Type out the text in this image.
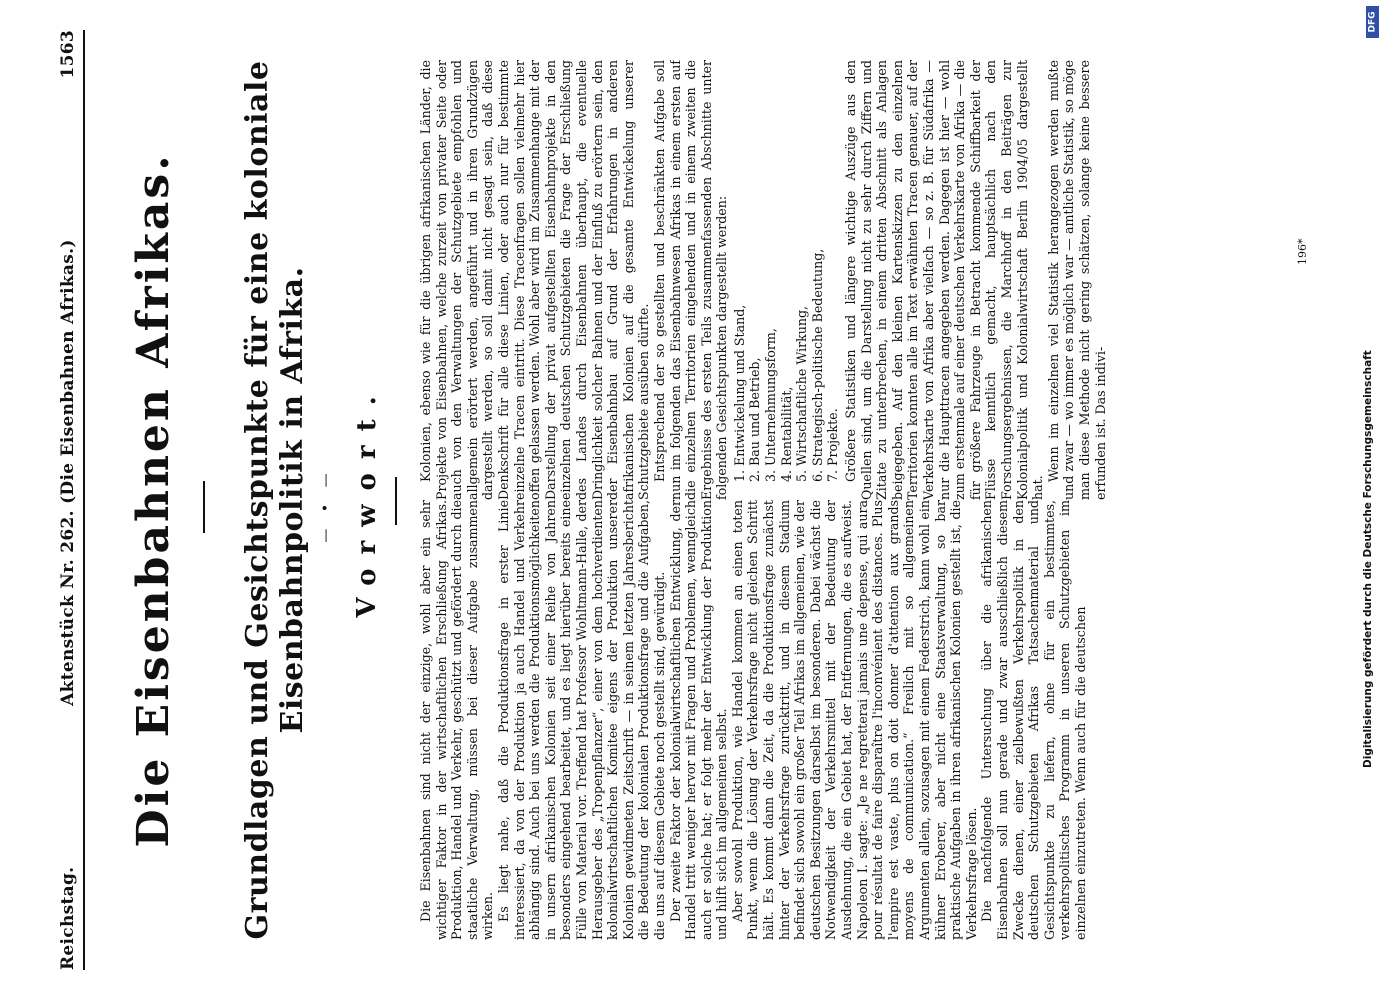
Reichstag.
Aktenstück Nr. 262. (Die Eisenbahnen Afrikas.)
1563
Die Eisenbahnen Afrikas. Grundlagen und Gesichtspunkte für eine koloniale Eisenbahnpolitik in Afrika. — • — Vorwort.	Die Eisenbahnen sind nicht der einzige, wohl aber ein sehr wichtiger Faktor in der wirtschaftlichen Erschließung Afrikas. Produktion, Handel und Verkehr, geschützt und gefördert durch die staatliche Verwaltung, müssen bei dieser Aufgabe zusammen wirken. Es liegt nahe, daß die Produktionsfrage in erster Linie interessiert, da von der Produktion ja auch Handel und Verkehr abhängig sind. Auch bei uns werden die Produktionsmöglichkeiten in unsern afrikanischen Kolonien seit einer Reihe von Jahren besonders eingehend bearbeitet, und es liegt hierüber bereits eine Fülle von Material vor. Treffend hat Professor Wohltmann-Halle, der Herausgeber des „Tropenpflanzer“, einer von dem hochverdienten kolonialwirtschaftlichen Komitee eigens der Produktion unserer Kolonien gewidmeten Zeitschrift — in seinem letzten Jahresbericht die Bedeutung der kolonialen Produktionsfrage und die Aufgaben, die uns auf diesem Gebiete noch gestellt sind, gewürdigt. Der zweite Faktor der kolonialwirtschaftlichen Entwicklung, der Handel tritt weniger hervor mit Fragen und Problemen, wenngleich auch er solche hat; er folgt mehr der Entwicklung der Produktion und hilft sich im allgemeinen selbst. Aber sowohl Produktion, wie Handel kommen an einen toten Punkt, wenn die Lösung der Verkehrsfrage nicht gleichen Schritt hält. Es kommt dann die Zeit, da die Produktionsfrage zunächst hinter der Verkehrsfrage zurücktritt, und in diesem Stadium befindet sich sowohl ein großer Teil Afrikas im allgemeinen, wie der deutschen Besitzungen darselbst im besonderen. Dabei wächst die Notwendigkeit der Verkehrsmittel mit der Bedeutung der Ausdehnung, die ein Gebiet hat, der Entfernungen, die es aufweist. Napoleon I. sagte: „Je ne regretterai jamais une depense, qui aura pour résultat de faire disparaître l'inconvénient des distances. Plus l'empire est vaste, plus on doit donner d'attention aux grands moyens de communication.“ Freilich mit so allgemeinen Argumenten allein, sozusagen mit einem Federstrich, kann wohl ein kühner Eroberer, aber nicht eine Staatsverwaltung, so bar praktische Aufgaben in ihren afrikanischen Kolonien gestellt ist, die Verkehrsfrage lösen. Die nachfolgende Untersuchung über die afrikanischen Eisenbahnen soll nun gerade und zwar ausschließlich diesem Zwecke dienen, einer zielbewußten Verkehrspolitik in den deutschen Schutzgebieten Afrikas Tatsachenmaterial und Gesichtspunkte zu liefern, ohne für ein bestimmtes, verkehrspolitisches Programm in unseren Schutzgebieten im einzelnen einzutreten. Wenn auch für die deutschen

Kolonien, ebenso wie für die übrigen afrikanischen Länder, die Projekte von Eisenbahnen, welche zurzeit von privater Seite oder auch von den Verwaltungen der Schutzgebiete empfohlen und allgemein erörtert werden, angeführt und in ihren Grundzügen dargestellt werden, so soll damit nicht gesagt sein, daß diese Denkschrift für alle diese Linien, oder auch nur für bestimmte einzelne Tracen eintritt. Diese Tracenfragen sollen vielmehr hier offen gelassen werden. Wohl aber wird im Zusammenhange mit der Darstellung der privat aufgestellten Eisenbahnprojekte in den einzelnen deutschen Schutzgebieten die Frage der Erschließung des Landes durch Eisenbahnen überhaupt, die eventuelle Dringlichkeit solcher Bahnen und der Einfluß zu erörtern sein, den der Eisenbahnbau auf Grund der Erfahrungen in anderen afrikanischen Kolonien auf die gesamte Entwickelung unserer Schutzgebiete ausüben dürfte. Entsprechend der so gestellten und beschränkten Aufgabe soll nun im folgenden das Eisenbahnwesen Afrikas in einem ersten auf die einzelnen Territorien eingehenden und in einem zweiten die Ergebnisse des ersten Teils zusammenfassenden Abschnitte unter folgenden Gesichtspunkten dargestellt werden: 1. Entwickelung und Stand, 2. Bau und Betrieb, 3. Unternehmungsform, 4. Rentabilität, 5. Wirtschaftliche Wirkung, 6. Strategisch-politische Bedeutung, 7. Projekte. Größere Statistiken und längere wichtige Auszüge aus den Quellen sind, um die Darstellung nicht zu sehr durch Ziffern und Zitate zu unterbrechen, in einem dritten Abschnitt als Anlagen beigegeben. Auf den kleinen Kartenskizzen zu den einzelnen Territorien konnten alle im Text erwähnten Tracen genauer, auf der Verkehrskarte von Afrika aber vielfach — so z. B. für Südafrika — nur die Haupttracen angegeben werden. Dagegen ist hier — wohl zum erstenmale auf einer deutschen Verkehrskarte von Afrika — die für größere Fahrzeuge in Betracht kommende Schiffbarkeit der Flüsse kenntlich gemacht, hauptsächlich nach den Forschungsergebnissen, die Marchhoff in den Beiträgen zur Kolonialpolitik und Kolonialwirtschaft Berlin 1904/05 dargestellt hat.

Wenn im einzelnen viel Statistik herangezogen werden mußte und zwar — wo immer es möglich war — amtliche Statistik, so möge man diese Methode nicht gering schätzen, solange keine bessere erfunden ist. Das indivi-

196*
DFG
Digitalisierung gefördert durch die Deutsche Forschungsgemeinschaft
